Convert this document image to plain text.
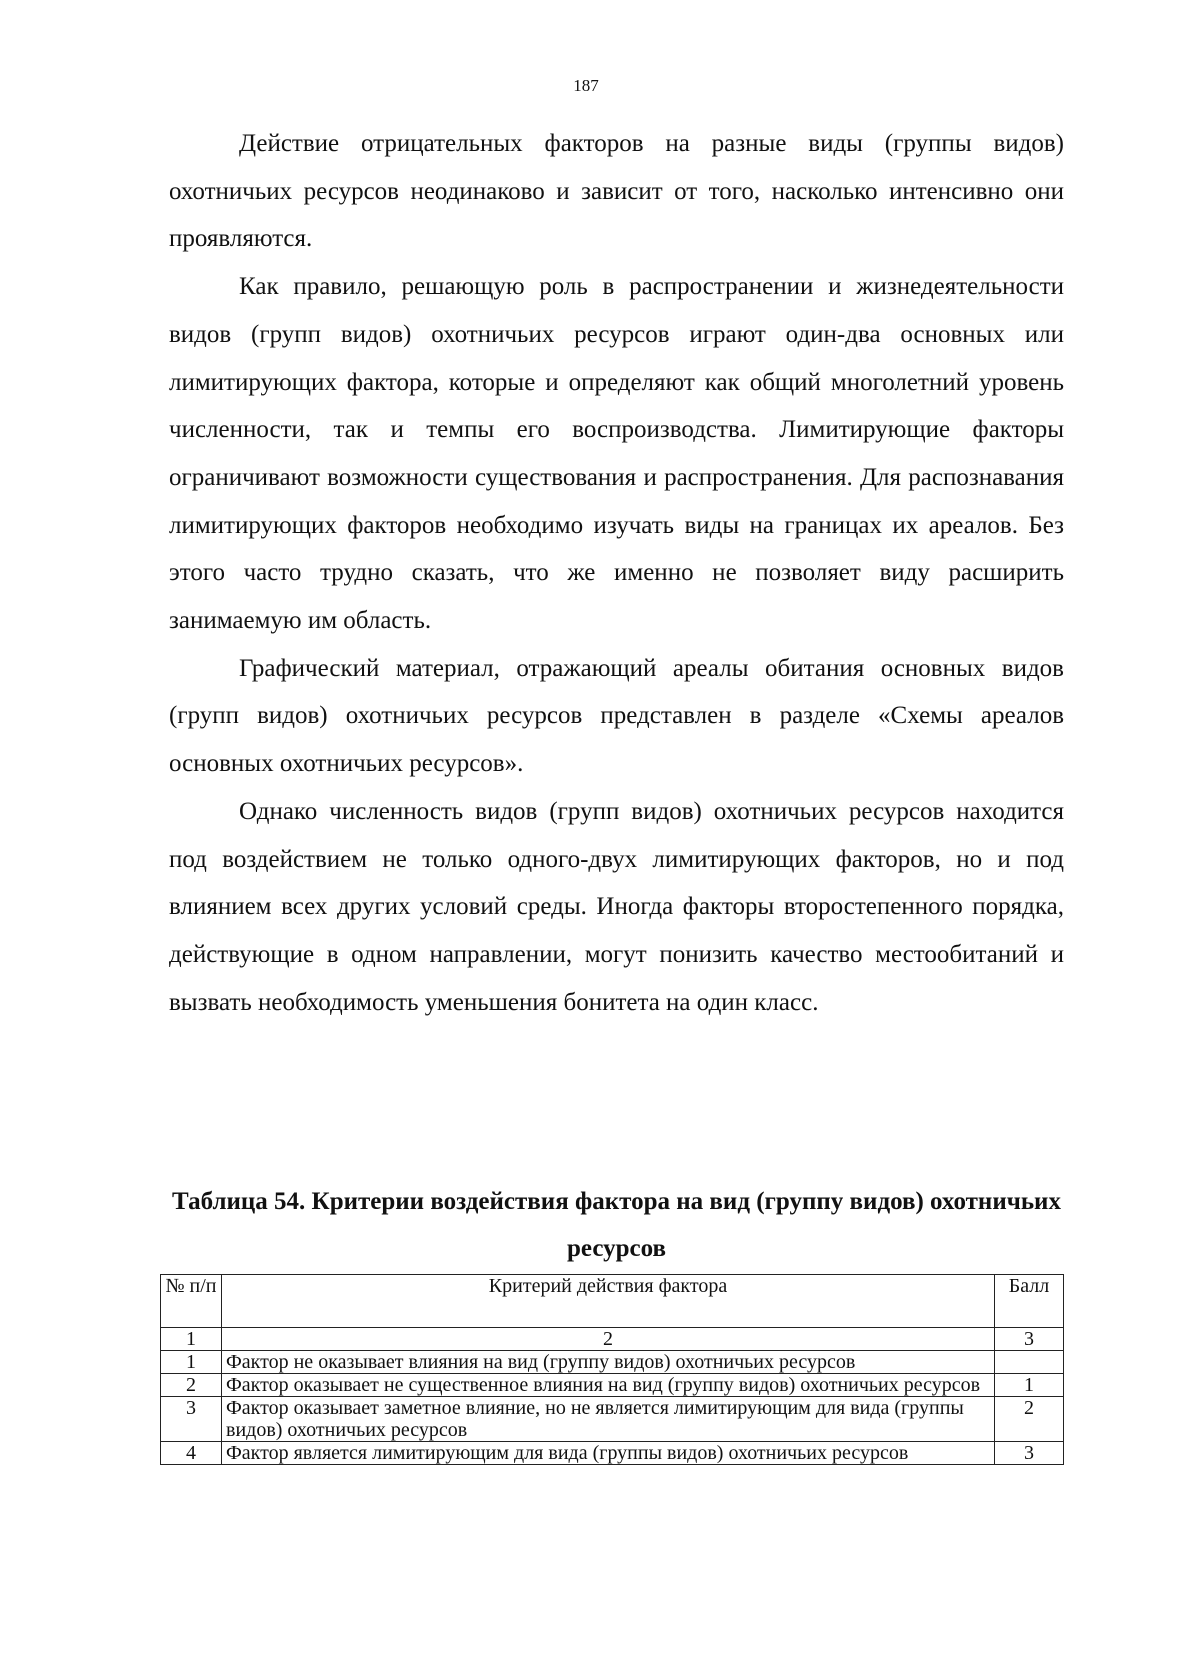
187

Действие отрицательных факторов на разные виды (группы видов) охотничьих ресурсов неодинаково и зависит от того, насколько интенсивно они проявляются.

Как правило, решающую роль в распространении и жизнедеятельности видов (групп видов) охотничьих ресурсов играют один-два основных или лимитирующих фактора, которые и определяют как общий многолетний уровень численности, так и темпы его воспроизводства. Лимитирующие факторы ограничивают возможности существования и распространения. Для распознавания лимитирующих факторов необходимо изучать виды на границах их ареалов. Без этого часто трудно сказать, что же именно не позволяет виду расширить занимаемую им область.

Графический материал, отражающий ареалы обитания основных видов (групп видов) охотничьих ресурсов представлен в разделе «Схемы ареалов основных охотничьих ресурсов».

Однако численность видов (групп видов) охотничьих ресурсов находится под воздействием не только одного-двух лимитирующих факторов, но и под влиянием всех других условий среды. Иногда факторы второстепенного порядка, действующие в одном направлении, могут понизить качество местообитаний и вызвать необходимость уменьшения бонитета на один класс.

Таблица 54. Критерии воздействия фактора на вид (группу видов) охотничьих ресурсов
№ п/п	Критерий действия фактора	Балл
1	2	3
1	Фактор не оказывает влияния на вид (группу видов) охотничьих ресурсов	
2	Фактор оказывает не существенное влияния на вид (группу видов) охотничьих ресурсов	1
3	Фактор оказывает заметное влияние, но не является лимитирующим для вида (группы видов) охотничьих ресурсов	2
4	Фактор является лимитирующим для вида (группы видов) охотничьих ресурсов	3
